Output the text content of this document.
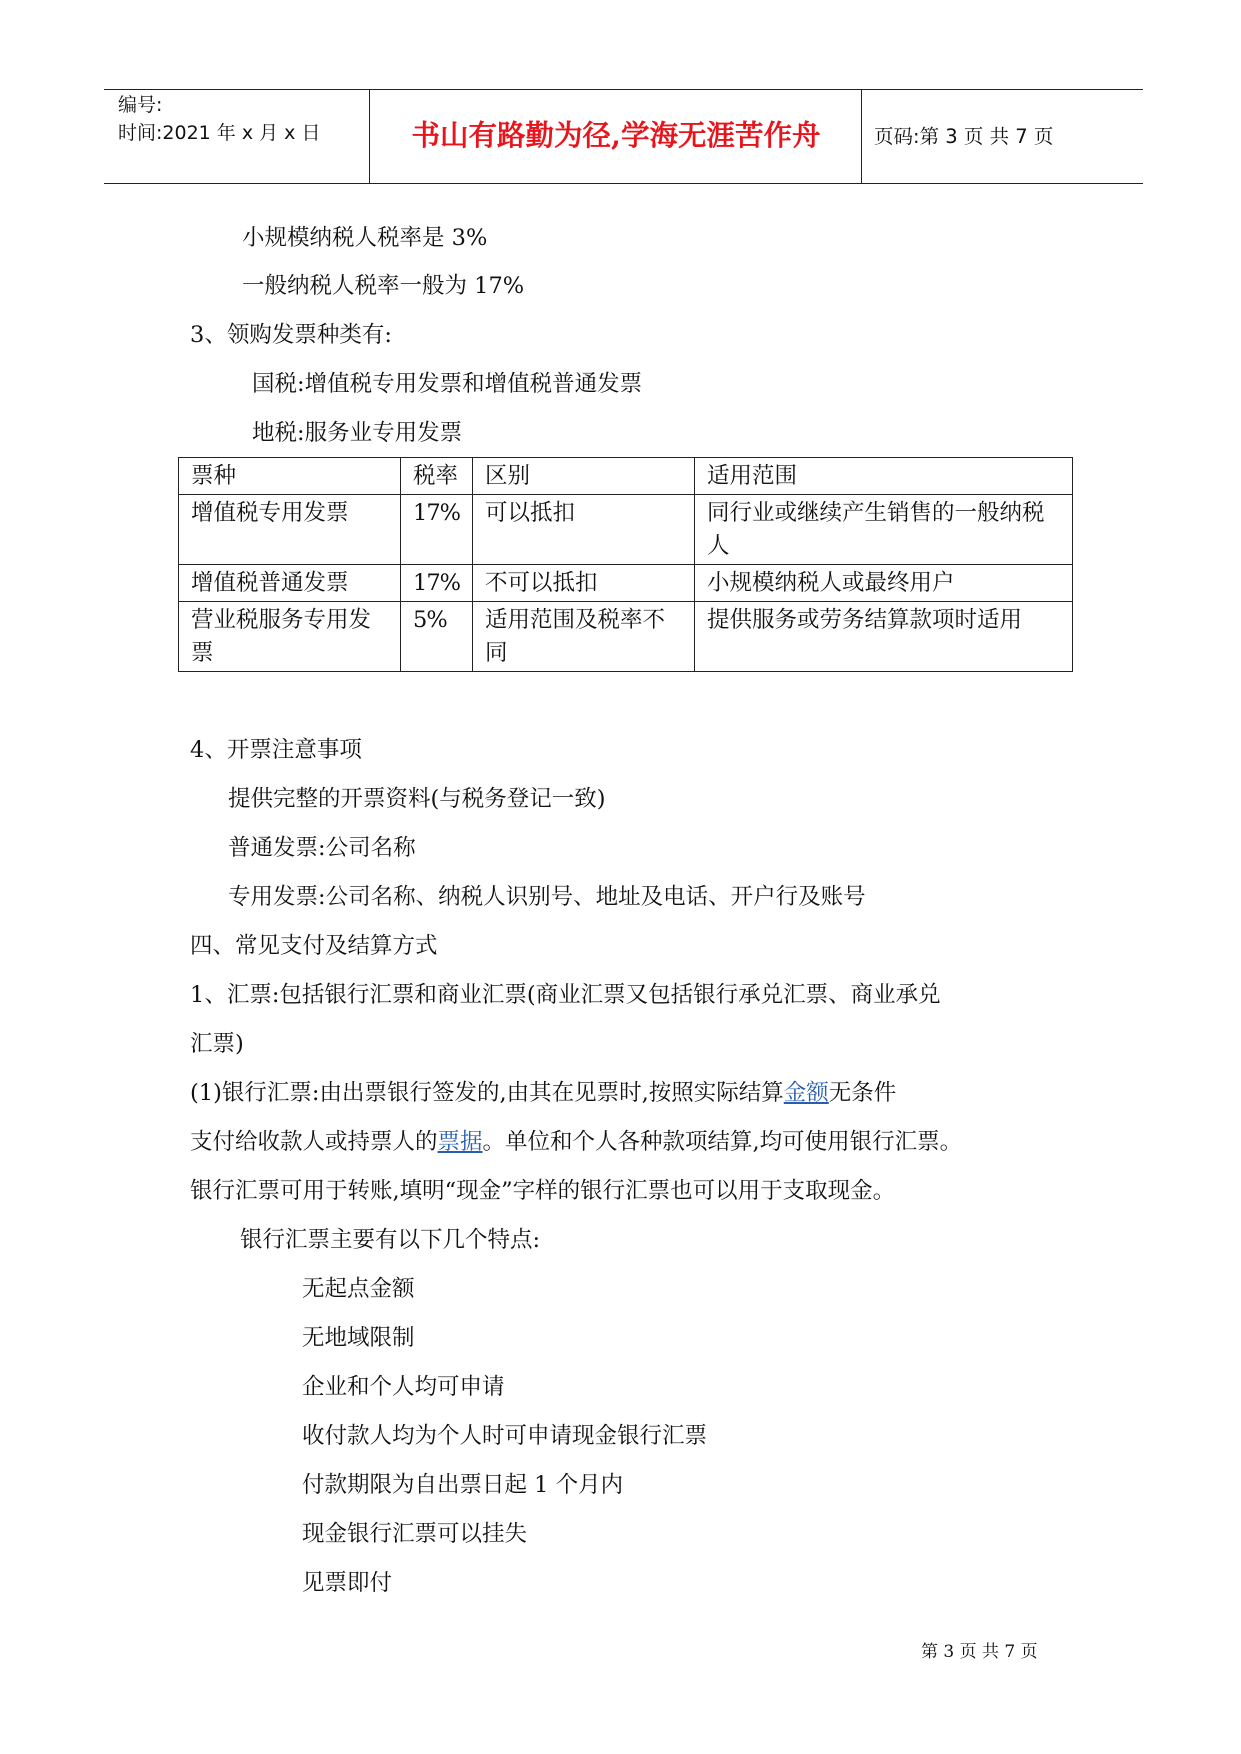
编号:
时间:2021 年 x 月 x 日	书山有路勤为径,学海无涯苦作舟	页码:第 3 页 共 7 页
小规模纳税人税率是 3%
一般纳税人税率一般为 17%
3、领购发票种类有:
国税:增值税专用发票和增值税普通发票
地税:服务业专用发票
票种	税率	区别	适用范围
增值税专用发票	17%	可以抵扣	同行业或继续产生销售的一般纳税人
增值税普通发票	17%	不可以抵扣	小规模纳税人或最终用户
营业税服务专用发票	5%	适用范围及税率不同	提供服务或劳务结算款项时适用
4、开票注意事项
提供完整的开票资料(与税务登记一致)
普通发票:公司名称
专用发票:公司名称、纳税人识别号、地址及电话、开户行及账号
四、常见支付及结算方式
1、汇票:包括银行汇票和商业汇票(商业汇票又包括银行承兑汇票、商业承兑
汇票)
(1)银行汇票:由出票银行签发的,由其在见票时,按照实际结算金额无条件
支付给收款人或持票人的票据。单位和个人各种款项结算,均可使用银行汇票。
银行汇票可用于转账,填明“现金”字样的银行汇票也可以用于支取现金。
银行汇票主要有以下几个特点:
无起点金额
无地域限制
企业和个人均可申请
收付款人均为个人时可申请现金银行汇票
付款期限为自出票日起 1 个月内
现金银行汇票可以挂失
见票即付
第 3 页 共 7 页
